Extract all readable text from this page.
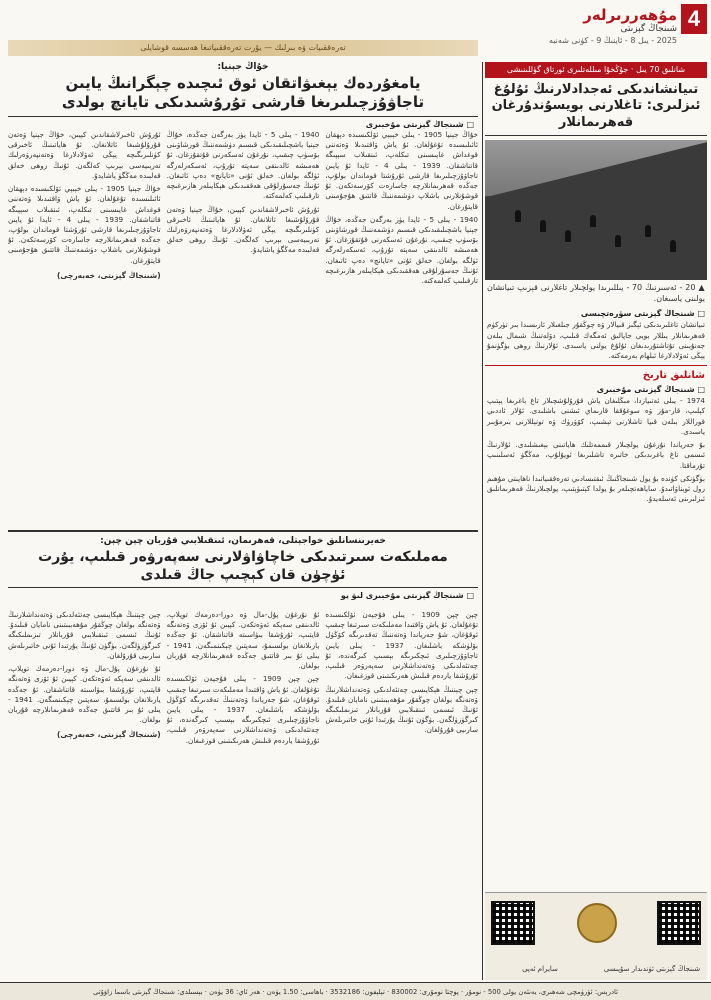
4
مۇھەررىرلەر
شىنجاڭ گېزىتى
2025 - يىل 8 - ئاينىڭ 9 - كۈنى شەنبە
تەرەققىيات ۋە بىرلىك — يۇرت تەرەققىياتىغا ھەسسە قوشايلى
شانلىق 70 يىل · جۇڭخۇا مىللەتلىرى ئورتاق گۈللىنىشى
تىيانشاندىكى ئەجدادلارنىڭ ئۇلۇغ ئىزلىرى: تاغلارنى بويسۇندۇرغان قەھرىمانلار
▲ 20 - ئەسىرنىڭ 70 - يىللىرىدا يولچىلار تاغلارنى قېزىپ تىيانشان يولىنى ياسىغان.
□ شىنجاڭ گېزىتى سۈرەتچىسى
تىيانشان تاغلىرىدىكى ئېگىز قىيالار ۋە چوڭقۇر جىلغىلار ئارىسىدا بىر تۈركۈم قەھرىمانلار يىللار بويى جاپالىق ئەمگەك قىلىپ، دۆلەتنىڭ شىمال بىلەن جەنۇبىنى تۇتاشتۇرىدىغان ئۇلۇغ يولنى ياسىدى. ئۇلارنىڭ روھى بۈگۈنمۇ يېڭى ئەۋلادلارغا ئىلھام بەرمەكتە.
شانلىق تارىخ
□ شىنجاڭ گېزىتى مۇخبىرى
1974 - يىلى ئەتىيازدا، مىڭلىغان ياش قۇرۇلۇشچىلار تاغ باغرىغا يېتىپ كېلىپ، قار-مۇز ۋە سوغۇققا قارىماي ئىشنى باشلىدى. ئۇلار ئاددىي قوراللار بىلەن قىيا تاشلارنى تېشىپ، كۆۋرۈك ۋە تونېللارنى بىرمۇبىر ياسىدى.
بۇ جەرياندا نۇرغۇن يولچىلار قىممەتلىك ھاياتىنى بېغىشلىدى. ئۇلارنىڭ ئىسمى تاغ باغرىدىكى خاتىرە تاشلىرىغا ئويۇلۇپ، مەڭگۈ ئەسلىنىپ تۇرماقتا.
بۈگۈنكى كۈندە بۇ يول شىنجاڭنىڭ ئىقتىسادىي تەرەققىياتىدا ناھايىتى مۇھىم رول ئويناۋاتىدۇ. ساياھەتچىلەر بۇ يولدا كېتىۋېتىپ، يولچىلارنىڭ قەھرىمانلىق ئىزلىرىنى ئەسلەيدۇ.
شىنجاڭ گېزىتى ئۈندىدار سۇپىسى
سايرام ئەپى
خۇاڭ جېنيا:
يامغۇردەك يېغىۋاتقان ئوق ئىچىدە چېگرانىڭ يايىن تاجاۋۇزچىلىرىغا قارشى تۇرۇشىدىكى تايانچ بولدى
□ شىنجاڭ گېزىتى مۇخبىرى

خۇاڭ جېنيا 1905 - يىلى خېبېي ئۆلكىسىدە دېھقان ئائىلىسىدە تۇغۇلغان. ئۇ ياش ۋاقتىدىلا ۋەتەننى قوغداش غايىسىنى تىكلەپ، ئىنقىلاب سېپىگە قاتناشقان. 1939 - يىلى 4 - ئايدا ئۇ يايىن تاجاۋۇزچىلىرىغا قارشى ئۇرۇشتا قوماندان بولۇپ، جەڭدە قەھرىمانلارچە جاسارەت كۆرسەتكەن. ئۇ قوشۇنلارنى باشلاپ دۈشمەننىڭ قاتتىق ھۇجۇمىنى قايتۇرغان.

1940 - يىلى 5 - ئايدا يۈز بەرگەن جەڭدە، خۇاڭ جېنيا باشچىلىقىدىكى قىسىم دۈشمەننىڭ قورشاۋىنى بۆسۈپ چىقىپ، نۇرغۇن ئەسكەرنى قۇتقۇزغان. ئۇ ھەمىشە ئالدىنقى سەپتە تۇرۇپ، ئەسكەرلەرگە ئۈلگە بولغان. خەلق ئۇنى «تايانچ» دەپ ئاتىغان. ئۇنىڭ جەسۇرلۇقى ھەققىدىكى ھېكايىلەر ھازىرغىچە تارقىلىپ كەلمەكتە.

1940 - يىلى 5 - ئايدا يۈز بەرگەن جەڭدە، خۇاڭ جېنيا باشچىلىقىدىكى قىسىم دۈشمەننىڭ قورشاۋىنى بۆسۈپ چىقىپ، نۇرغۇن ئەسكەرنى قۇتقۇزغان. ئۇ ھەمىشە ئالدىنقى سەپتە تۇرۇپ، ئەسكەرلەرگە ئۈلگە بولغان. خەلق ئۇنى «تايانچ» دەپ ئاتىغان. ئۇنىڭ جەسۇرلۇقى ھەققىدىكى ھېكايىلەر ھازىرغىچە تارقىلىپ كەلمەكتە.

ئۇرۇش ئاخىرلاشقاندىن كېيىن، خۇاڭ جېنيا ۋەتەن قۇرۇلۇشىغا ئاتلانغان. ئۇ ھاياتىنىڭ ئاخىرقى كۈنلىرىگىچە يېڭى ئەۋلادلارغا ۋەتەنپەرۋەرلىك تەربىيەسى بېرىپ كەلگەن. ئۇنىڭ روھى خەلق قەلبىدە مەڭگۈ ياشايدۇ.

ئۇرۇش ئاخىرلاشقاندىن كېيىن، خۇاڭ جېنيا ۋەتەن قۇرۇلۇشىغا ئاتلانغان. ئۇ ھاياتىنىڭ ئاخىرقى كۈنلىرىگىچە يېڭى ئەۋلادلارغا ۋەتەنپەرۋەرلىك تەربىيەسى بېرىپ كەلگەن. ئۇنىڭ روھى خەلق قەلبىدە مەڭگۈ ياشايدۇ.

خۇاڭ جېنيا 1905 - يىلى خېبېي ئۆلكىسىدە دېھقان ئائىلىسىدە تۇغۇلغان. ئۇ ياش ۋاقتىدىلا ۋەتەننى قوغداش غايىسىنى تىكلەپ، ئىنقىلاب سېپىگە قاتناشقان. 1939 - يىلى 4 - ئايدا ئۇ يايىن تاجاۋۇزچىلىرىغا قارشى ئۇرۇشتا قوماندان بولۇپ، جەڭدە قەھرىمانلارچە جاسارەت كۆرسەتكەن. ئۇ قوشۇنلارنى باشلاپ دۈشمەننىڭ قاتتىق ھۇجۇمىنى قايتۇرغان.

(شىنجاڭ گېزىتى، خەبەرچى)
خەيرىنسانلىق خواجېتلى، قەھرىمان، ئىنقىلابىي قۇربان چېن چېن:
مەملىكەت سىرتىدىكى خاچاۋاۋلارنى سەپەرۋەر قىلىپ، يۇرت ئۈچۈن قان كېچىپ جاڭ قىلدى
□ شىنجاڭ گېزىتى مۇخبىرى لىۋ يو

چېن چېن 1909 - يىلى فۇجيەن ئۆلكىسىدە تۇغۇلغان. ئۇ ياش ۋاقتىدا مەملىكەت سىرتىغا چىقىپ ئوقۇغان، شۇ جەرياندا ۋەتەننىڭ تەقدىرىگە كۆڭۈل بۆلۈشكە باشلىغان. 1937 - يىلى يايىن تاجاۋۇزچىلىرى ئىچكىرىگە بېسىپ كىرگەندە، ئۇ چەتئەلدىكى ۋەتەنداشلارنى سەپەرۋەر قىلىپ، ئۇرۇشقا ياردەم قىلىش ھەرىكىتىنى قوزغىغان.

چېن چېننىڭ ھېكايىسى چەتئەلدىكى ۋەتەنداشلارنىڭ ۋەتەنگە بولغان چوڭقۇر مۇھەببىتىنى نامايان قىلىدۇ. ئۇنىڭ ئىسمى ئىنقىلابىي قۇربانلار تىزىملىكىگە كىرگۈزۈلگەن. بۈگۈن ئۇنىڭ يۇرتىدا ئۇنى خاتىرىلەش سارىيى قۇرۇلغان.

ئۇ نۇرغۇن پۇل-مال ۋە دورا-دەرمەك توپلاپ، ئالدىنقى سەپكە ئەۋەتكەن. كېيىن ئۇ ئۆزى ۋەتەنگە قايتىپ، ئۇرۇشقا بىۋاسىتە قاتناشقان. ئۇ جەڭدە يارىلانغان بولسىمۇ، سەپتىن چېكىنمىگەن. 1941 - يىلى ئۇ بىر قاتتىق جەڭدە قەھرىمانلارچە قۇربان بولغان.

چېن چېن 1909 - يىلى فۇجيەن ئۆلكىسىدە تۇغۇلغان. ئۇ ياش ۋاقتىدا مەملىكەت سىرتىغا چىقىپ ئوقۇغان، شۇ جەرياندا ۋەتەننىڭ تەقدىرىگە كۆڭۈل بۆلۈشكە باشلىغان. 1937 - يىلى يايىن تاجاۋۇزچىلىرى ئىچكىرىگە بېسىپ كىرگەندە، ئۇ چەتئەلدىكى ۋەتەنداشلارنى سەپەرۋەر قىلىپ، ئۇرۇشقا ياردەم قىلىش ھەرىكىتىنى قوزغىغان.

چېن چېننىڭ ھېكايىسى چەتئەلدىكى ۋەتەنداشلارنىڭ ۋەتەنگە بولغان چوڭقۇر مۇھەببىتىنى نامايان قىلىدۇ. ئۇنىڭ ئىسمى ئىنقىلابىي قۇربانلار تىزىملىكىگە كىرگۈزۈلگەن. بۈگۈن ئۇنىڭ يۇرتىدا ئۇنى خاتىرىلەش سارىيى قۇرۇلغان.

ئۇ نۇرغۇن پۇل-مال ۋە دورا-دەرمەك توپلاپ، ئالدىنقى سەپكە ئەۋەتكەن. كېيىن ئۇ ئۆزى ۋەتەنگە قايتىپ، ئۇرۇشقا بىۋاسىتە قاتناشقان. ئۇ جەڭدە يارىلانغان بولسىمۇ، سەپتىن چېكىنمىگەن. 1941 - يىلى ئۇ بىر قاتتىق جەڭدە قەھرىمانلارچە قۇربان بولغان.

(شىنجاڭ گېزىتى، خەبەرچى)
ئادرېس: ئۈرۈمچى شەھىرى، يەنئەن يولى 500 - نومۇر · پوچتا نومۇرى: 830002 · تېلېفون: 3532186 · باھاسى: 1.50 يۈەن · ھەر ئاي: 36 يۈەن · بېسىلدى: شىنجاڭ گېزىتى باسما زاۋۇتى
